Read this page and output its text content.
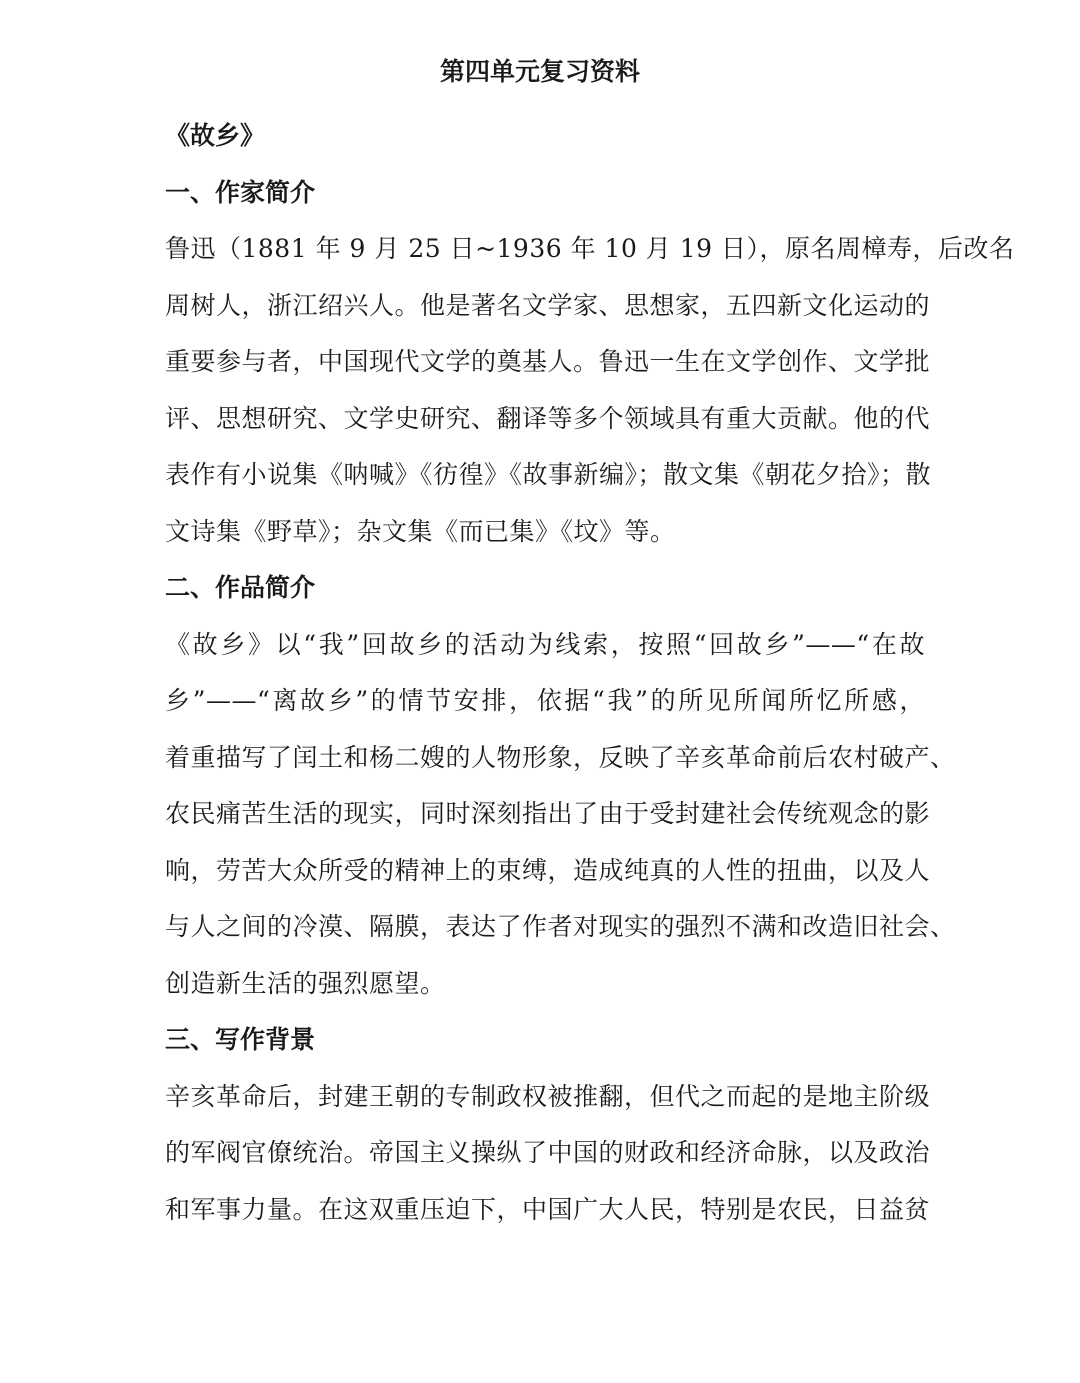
第四单元复习资料
《故乡》
一、作家简介
鲁迅（1881 年 9 月 25 日~1936 年 10 月 19 日），原名周樟寿，后改名
周树人，浙江绍兴人。他是著名文学家、思想家，五四新文化运动的
重要参与者，中国现代文学的奠基人。鲁迅一生在文学创作、文学批
评、思想研究、文学史研究、翻译等多个领域具有重大贡献。他的代
表作有小说集《呐喊》《彷徨》《故事新编》；散文集《朝花夕拾》；散
文诗集《野草》；杂文集《而已集》《坟》等。
二、作品简介
《故乡》以“我”回故乡的活动为线索，按照“回故乡”——“在故
乡”——“离故乡”的情节安排，依据“我”的所见所闻所忆所感，
着重描写了闰土和杨二嫂的人物形象，反映了辛亥革命前后农村破产、
农民痛苦生活的现实，同时深刻指出了由于受封建社会传统观念的影
响，劳苦大众所受的精神上的束缚，造成纯真的人性的扭曲，以及人
与人之间的冷漠、隔膜，表达了作者对现实的强烈不满和改造旧社会、
创造新生活的强烈愿望。
三、写作背景
辛亥革命后，封建王朝的专制政权被推翻，但代之而起的是地主阶级
的军阀官僚统治。帝国主义操纵了中国的财政和经济命脉，以及政治
和军事力量。在这双重压迫下，中国广大人民，特别是农民，日益贫
